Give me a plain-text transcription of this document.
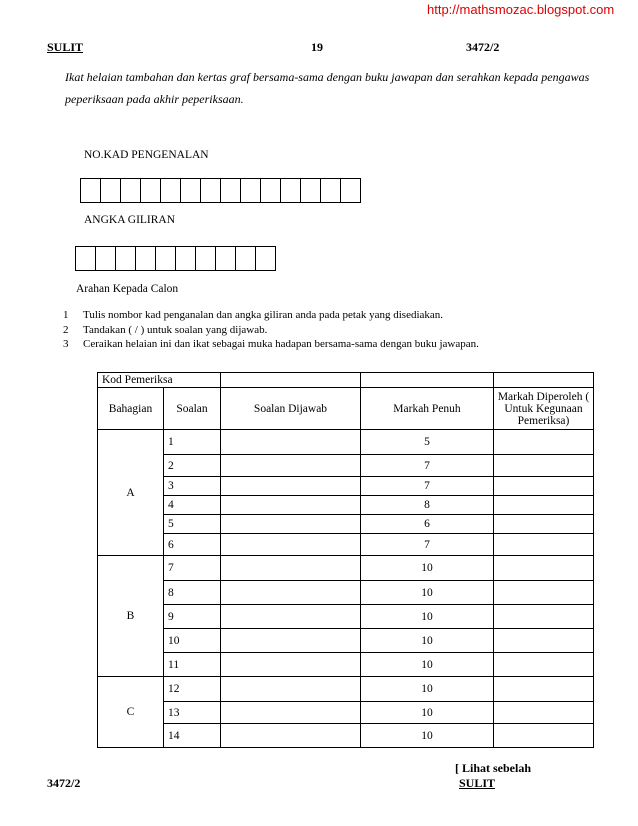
http://mathsmozac.blogspot.com
SULIT	19	3472/2
Ikat helaian tambahan dan kertas graf bersama-sama dengan buku jawapan dan serahkan kepada pengawas peperiksaan pada akhir peperiksaan.
NO.KAD PENGENALAN
ANGKA GILIRAN
Arahan Kepada Calon
1	Tulis nombor kad penganalan dan angka giliran anda pada petak yang disediakan.
2	Tandakan ( / ) untuk soalan yang dijawab.
3	Ceraikan helaian ini dan ikat sebagai muka hadapan bersama-sama dengan buku jawapan.
Kod Pemeriksa				
Bahagian	Soalan	Soalan Dijawab	Markah Penuh	Markah Diperoleh ( Untuk Kegunaan Pemeriksa)
A	1		5	
	2		7	
	3		7	
	4		8	
	5		6	
	6		7	
B	7		10	
	8		10	
	9		10	
	10		10	
	11		10	
C	12		10	
	13		10	
	14		10	
[ Lihat sebelah
3472/2	SULIT
